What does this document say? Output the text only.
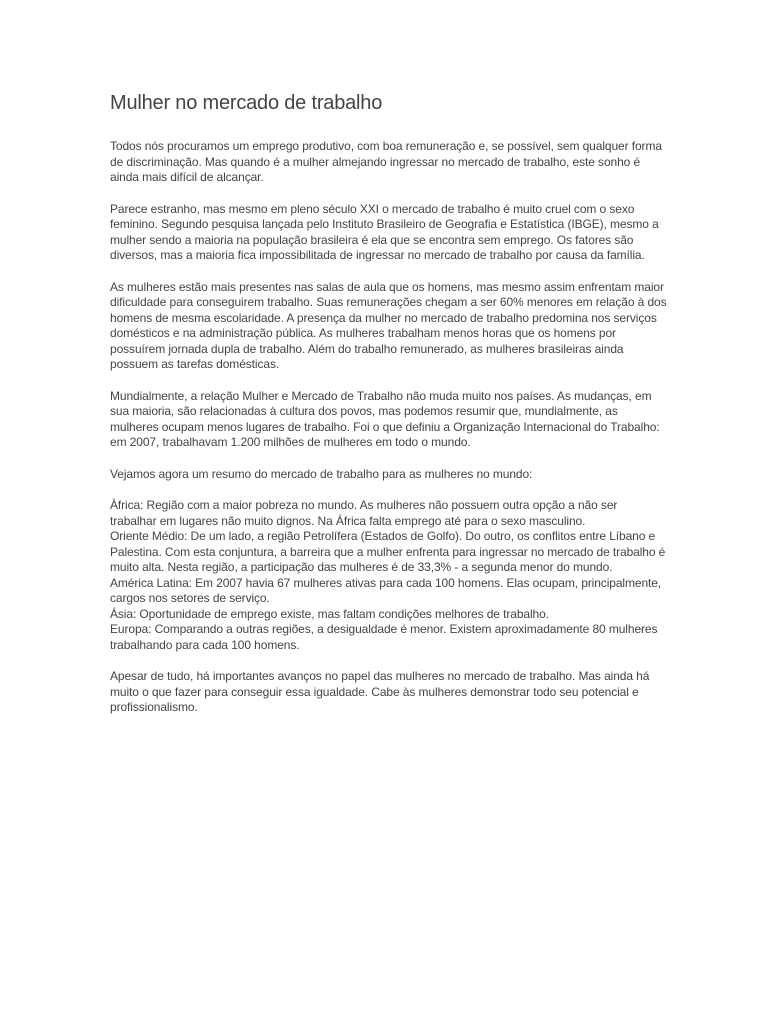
Mulher no mercado de trabalho
Todos nós procuramos um emprego produtivo, com boa remuneração e, se possível, sem qualquer forma
de discriminação. Mas quando é a mulher almejando ingressar no mercado de trabalho, este sonho é
ainda mais difícil de alcançar.
Parece estranho, mas mesmo em pleno século XXI o mercado de trabalho é muito cruel com o sexo
feminino. Segundo pesquisa lançada pelo Instituto Brasileiro de Geografia e Estatística (IBGE), mesmo a
mulher sendo a maioria na população brasileira é ela que se encontra sem emprego. Os fatores são
diversos, mas a maioria fica impossibilitada de ingressar no mercado de trabalho por causa da família.
As mulheres estão mais presentes nas salas de aula que os homens, mas mesmo assim enfrentam maior
dificuldade para conseguirem trabalho. Suas remunerações chegam a ser 60% menores em relação à dos
homens de mesma escolaridade. A presença da mulher no mercado de trabalho predomina nos serviços
domésticos e na administração pública. As mulheres trabalham menos horas que os homens por
possuírem jornada dupla de trabalho. Além do trabalho remunerado, as mulheres brasileiras ainda
possuem as tarefas domésticas.
Mundialmente, a relação Mulher e Mercado de Trabalho não muda muito nos países. As mudanças, em
sua maioria, são relacionadas à cultura dos povos, mas podemos resumir que, mundialmente, as
mulheres ocupam menos lugares de trabalho. Foi o que definiu a Organização Internacional do Trabalho:
em 2007, trabalhavam 1.200 milhões de mulheres em todo o mundo.
Vejamos agora um resumo do mercado de trabalho para as mulheres no mundo:
Àfrica: Região com a maior pobreza no mundo. As mulheres não possuem outra opção a não ser
trabalhar em lugares não muito dignos. Na África falta emprego até para o sexo masculino.
Oriente Médio: De um lado, a região Petrolífera (Estados de Golfo). Do outro, os conflitos entre Líbano e
Palestina. Com esta conjuntura, a barreira que a mulher enfrenta para ingressar no mercado de trabalho é
muito alta. Nesta região, a participação das mulheres é de 33,3% - a segunda menor do mundo.
América Latina: Em 2007 havia 67 mulheres ativas para cada 100 homens. Elas ocupam, principalmente,
cargos nos setores de serviço.
Ásia: Oportunidade de emprego existe, mas faltam condições melhores de trabalho.
Europa: Comparando a outras regiões, a desigualdade é menor. Existem aproximadamente 80 mulheres
trabalhando para cada 100 homens.
Apesar de tudo, há importantes avanços no papel das mulheres no mercado de trabalho. Mas ainda há
muito o que fazer para conseguir essa igualdade. Cabe às mulheres demonstrar todo seu potencial e
profissionalismo.
